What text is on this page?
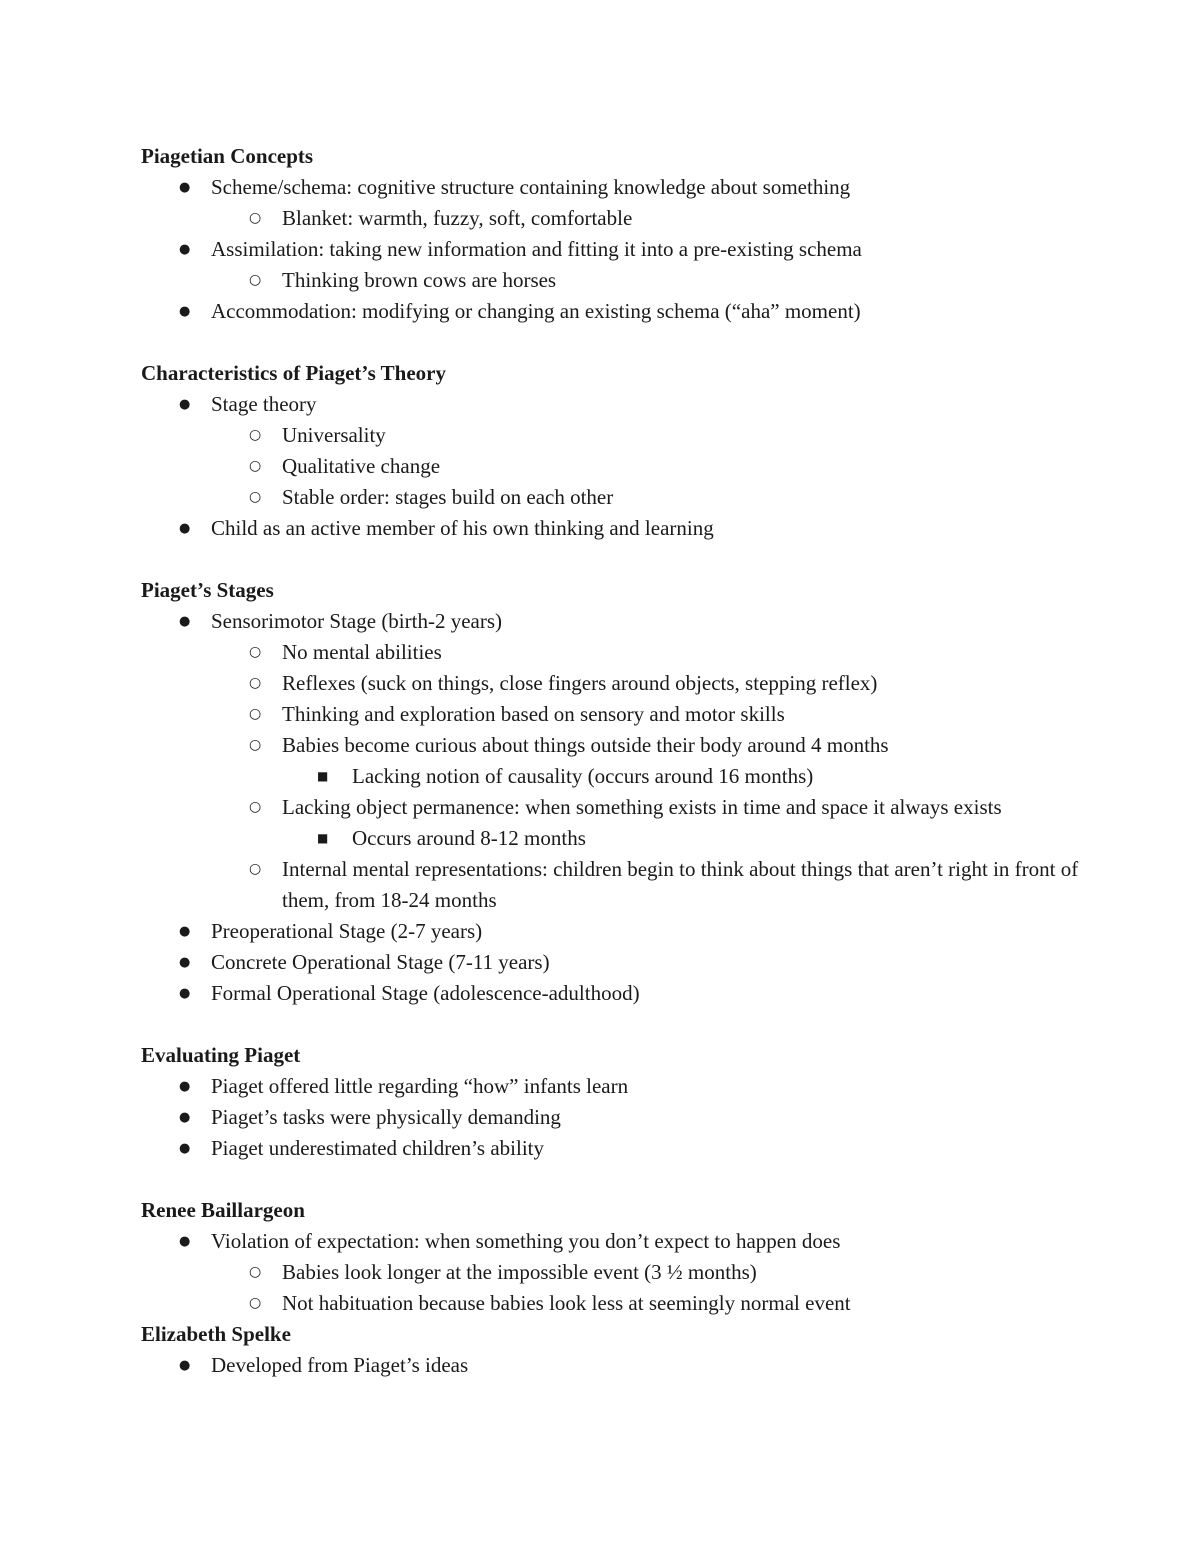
Piagetian Concepts
● Scheme/schema: cognitive structure containing knowledge about something
○ Blanket: warmth, fuzzy, soft, comfortable
● Assimilation: taking new information and fitting it into a pre-existing schema
○ Thinking brown cows are horses
● Accommodation: modifying or changing an existing schema (“aha” moment)
Characteristics of Piaget’s Theory
● Stage theory
○ Universality
○ Qualitative change
○ Stable order: stages build on each other
● Child as an active member of his own thinking and learning
Piaget’s Stages
● Sensorimotor Stage (birth-2 years)
○ No mental abilities
○ Reflexes (suck on things, close fingers around objects, stepping reflex)
○ Thinking and exploration based on sensory and motor skills
○ Babies become curious about things outside their body around 4 months
■ Lacking notion of causality (occurs around 16 months)
○ Lacking object permanence: when something exists in time and space it always exists
■ Occurs around 8-12 months
○ Internal mental representations: children begin to think about things that aren’t right in front of them, from 18-24 months
● Preoperational Stage (2-7 years)
● Concrete Operational Stage (7-11 years)
● Formal Operational Stage (adolescence-adulthood)
Evaluating Piaget
● Piaget offered little regarding “how” infants learn
● Piaget’s tasks were physically demanding
● Piaget underestimated children’s ability
Renee Baillargeon
● Violation of expectation: when something you don’t expect to happen does
○ Babies look longer at the impossible event (3 ½ months)
○ Not habituation because babies look less at seemingly normal event
Elizabeth Spelke
● Developed from Piaget’s ideas
